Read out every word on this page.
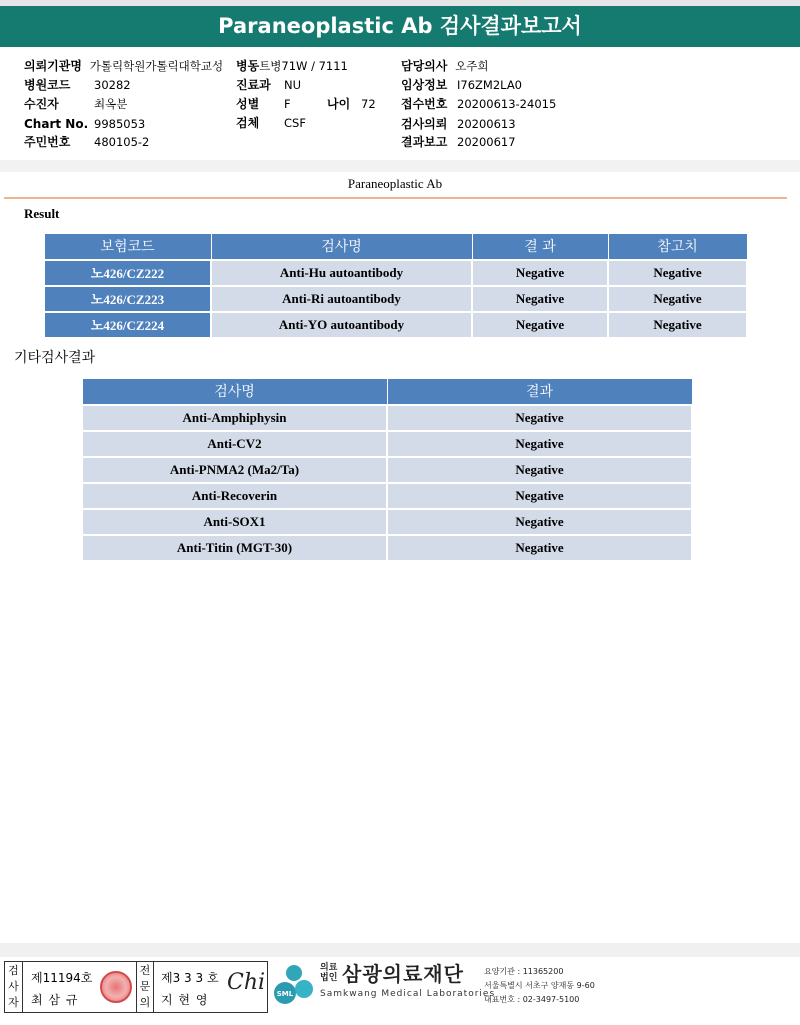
Paraneoplastic Ab 검사결과보고서
의뢰기관명 가톨릭학원가톨릭대학교성 병동트병71W / 7111	담당의사 오주희
병원코드 30282	진료과 NU	임상정보 I76ZM2LA0
수진자	최옥분	성별 F	나이 72 접수번호 20200613-24015
Chart No. 9985053	검체 CSF	검사의뢰 20200613
주민번호 480105-2	결과보고 20200617
Paraneoplastic Ab
Result
보험코드	검사명	결 과	참고치
노426/CZ222	Anti-Hu autoantibody	Negative	Negative
노426/CZ223	Anti-Ri autoantibody	Negative	Negative
노426/CZ224	Anti-YO autoantibody	Negative	Negative
기타검사결과
검사명	결과
Anti-Amphiphysin	Negative
Anti-CV2	Negative
Anti-PNMA2 (Ma2/Ta)	Negative
Anti-Recoverin	Negative
Anti-SOX1	Negative
Anti-Titin (MGT-30)	Negative
검사자
제11194호
최 삼 규
전문의
제3 3 3 호
지 현 영
Chi SML
의료
법인 삼광의료재단
Samkwang Medical Laboratories
요양기관 : 11365200
서울특별시 서초구 양재동 9-60
대표번호 : 02-3497-5100
